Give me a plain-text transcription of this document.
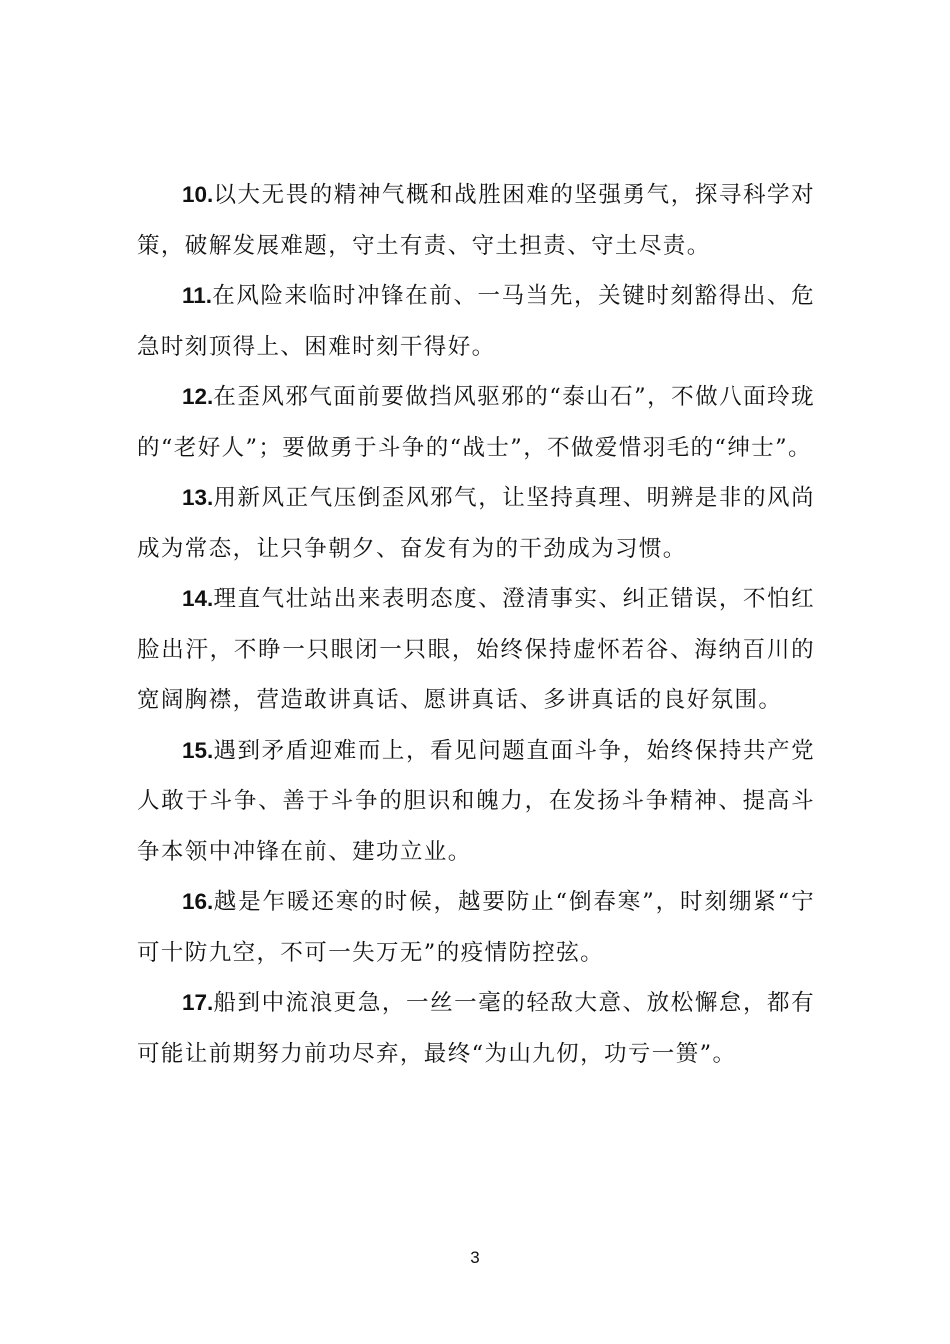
10.以大无畏的精神气概和战胜困难的坚强勇气，探寻科学对策，破解发展难题，守土有责、守土担责、守土尽责。

11.在风险来临时冲锋在前、一马当先，关键时刻豁得出、危急时刻顶得上、困难时刻干得好。

12.在歪风邪气面前要做挡风驱邪的“泰山石”，不做八面玲珑的“老好人”；要做勇于斗争的“战士”，不做爱惜羽毛的“绅士”。

13.用新风正气压倒歪风邪气，让坚持真理、明辨是非的风尚成为常态，让只争朝夕、奋发有为的干劲成为习惯。

14.理直气壮站出来表明态度、澄清事实、纠正错误，不怕红脸出汗，不睁一只眼闭一只眼，始终保持虚怀若谷、海纳百川的宽阔胸襟，营造敢讲真话、愿讲真话、多讲真话的良好氛围。

15.遇到矛盾迎难而上，看见问题直面斗争，始终保持共产党人敢于斗争、善于斗争的胆识和魄力，在发扬斗争精神、提高斗争本领中冲锋在前、建功立业。

16.越是乍暖还寒的时候，越要防止“倒春寒”，时刻绷紧“宁可十防九空，不可一失万无”的疫情防控弦。

17.船到中流浪更急，一丝一毫的轻敌大意、放松懈怠，都有可能让前期努力前功尽弃，最终“为山九仞，功亏一篑”。

3
